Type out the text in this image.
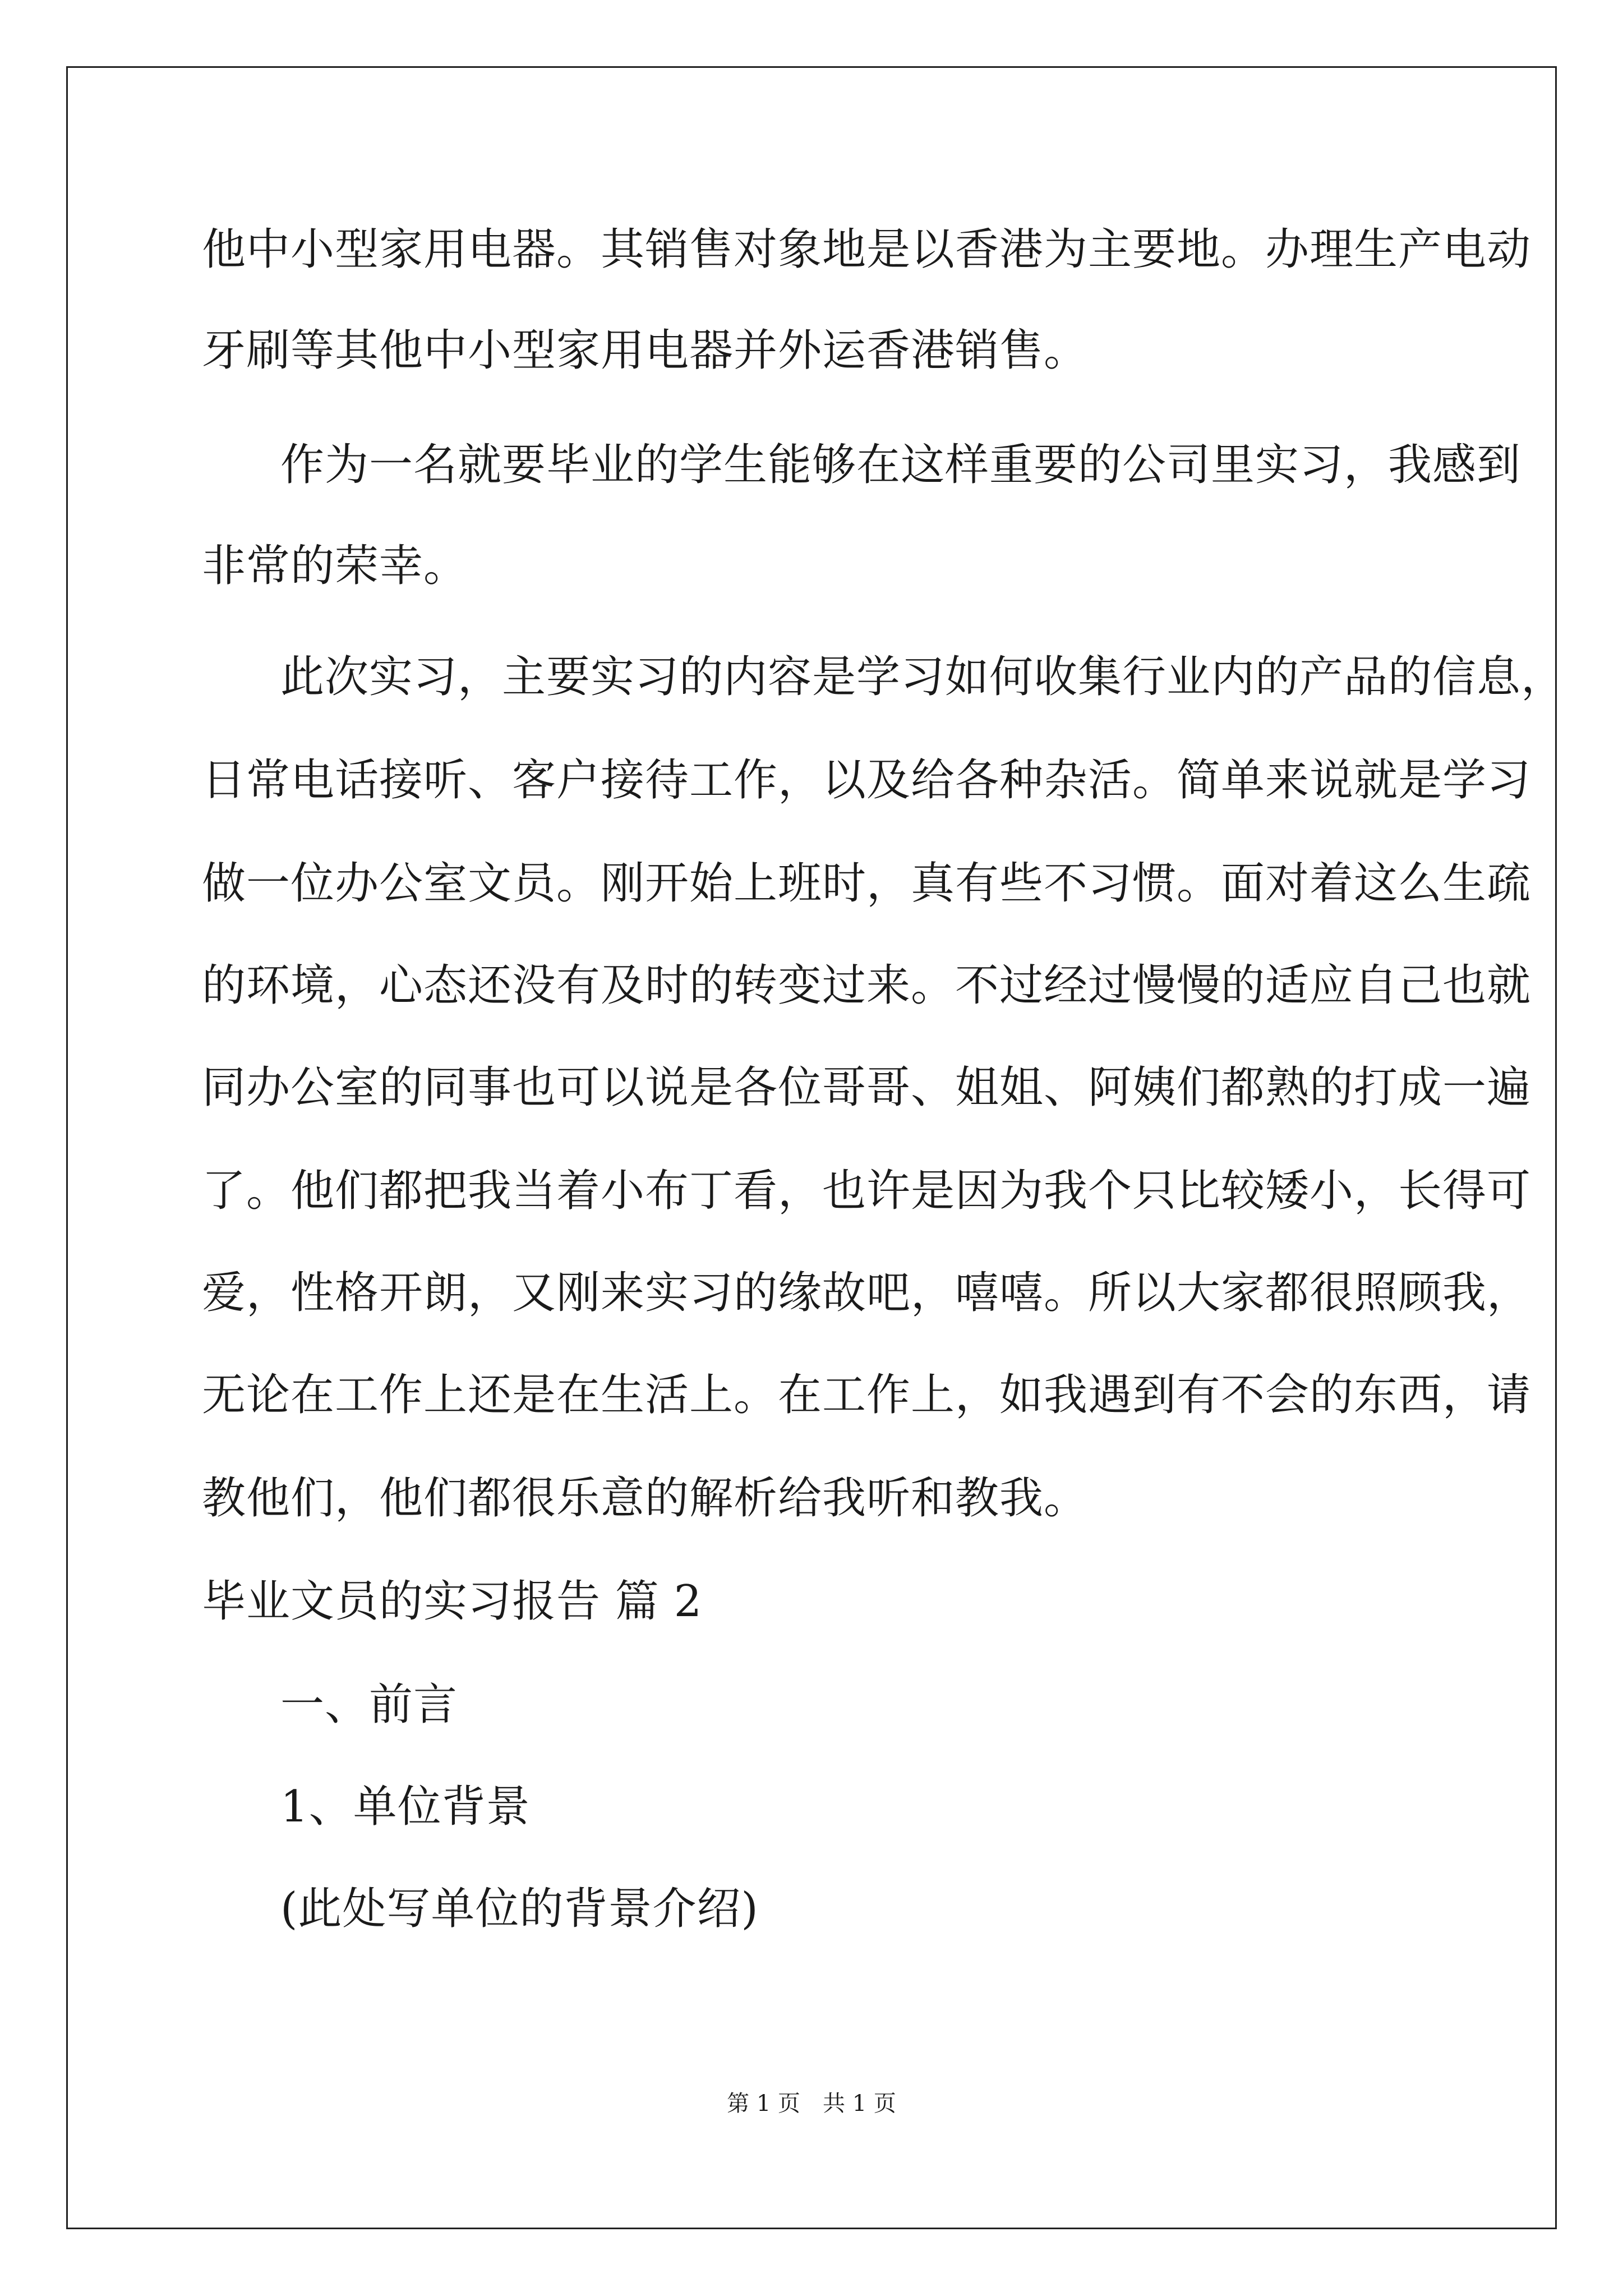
他中小型家用电器。其销售对象地是以香港为主要地。办理生产电动
牙刷等其他中小型家用电器并外运香港销售。
作为一名就要毕业的学生能够在这样重要的公司里实习，我感到
非常的荣幸。
此次实习，主要实习的内容是学习如何收集行业内的产品的信息，
日常电话接听、客户接待工作，以及给各种杂活。简单来说就是学习
做一位办公室文员。刚开始上班时，真有些不习惯。面对着这么生疏
的环境，心态还没有及时的转变过来。不过经过慢慢的适应自己也就
同办公室的同事也可以说是各位哥哥、姐姐、阿姨们都熟的打成一遍
了。他们都把我当着小布丁看，也许是因为我个只比较矮小，长得可
爱，性格开朗，又刚来实习的缘故吧，嘻嘻。所以大家都很照顾我，
无论在工作上还是在生活上。在工作上，如我遇到有不会的东西，请
教他们，他们都很乐意的解析给我听和教我。
毕业文员的实习报告 篇 2
一、前言
1、单位背景
(此处写单位的背景介绍)
第 1 页　共 1 页
